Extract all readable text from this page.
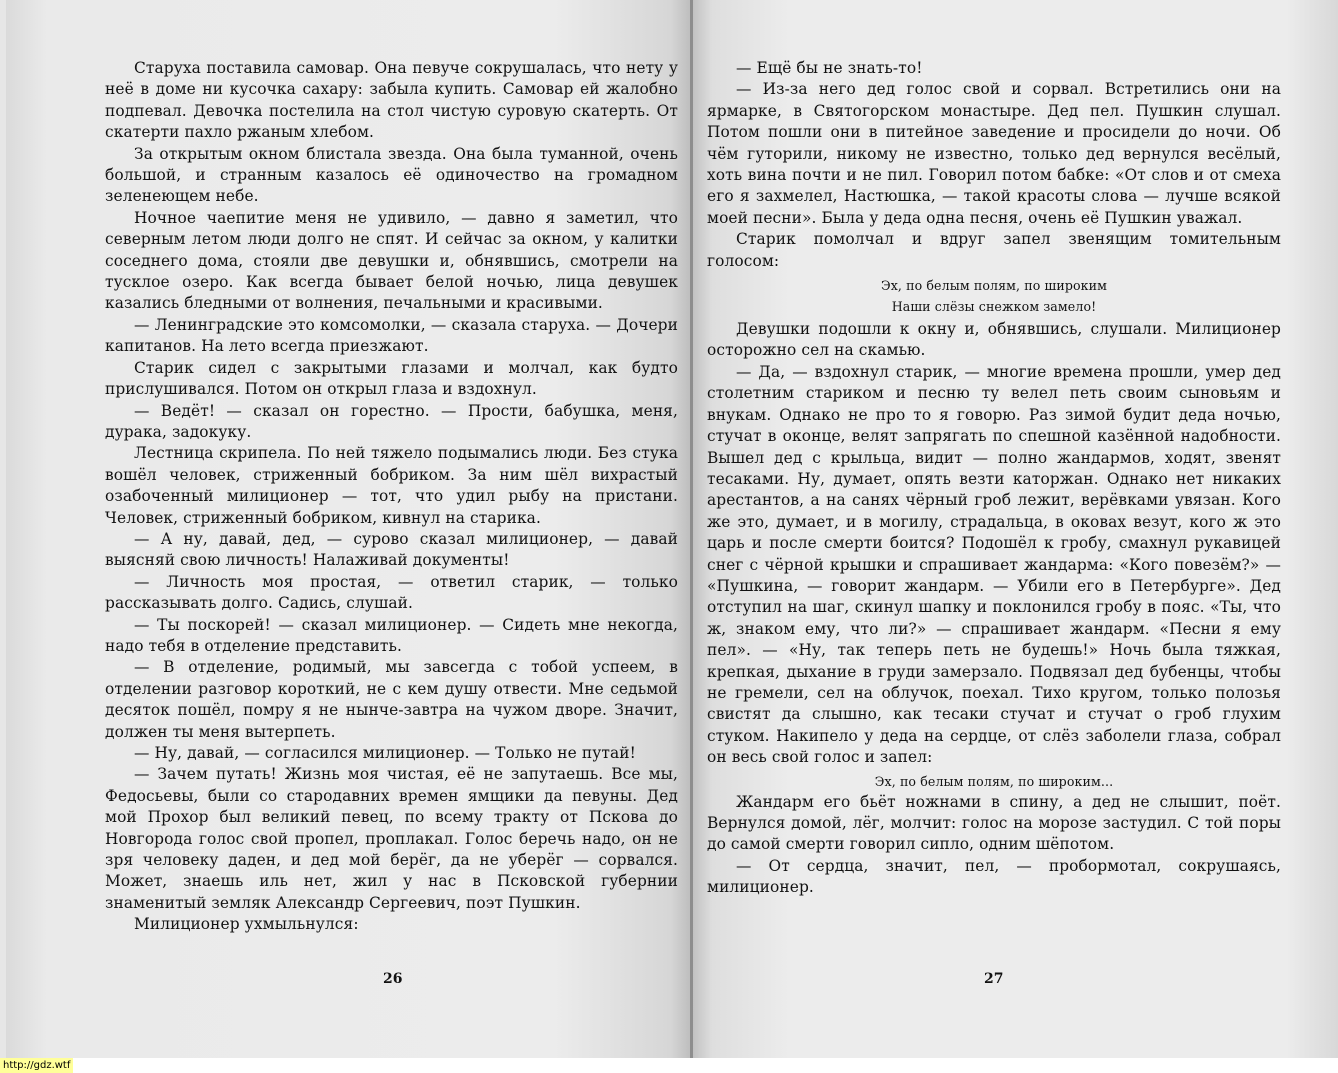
Старуха поставила самовар. Она певуче сокрушалась, что нету у неё в доме ни кусочка сахару: забыла купить. Самовар ей жалобно подпевал. Девочка постелила на стол чистую суровую скатерть. От скатерти пахло ржаным хлебом.

За открытым окном блистала звезда. Она была туманной, очень большой, и странным казалось её одиночество на громадном зеленеющем небе.

Ночное чаепитие меня не удивило, — давно я заметил, что северным летом люди долго не спят. И сейчас за окном, у калитки соседнего дома, стояли две девушки и, обнявшись, смотрели на тусклое озеро. Как всегда бывает белой ночью, лица девушек казались бледными от волнения, печальными и красивыми.

— Ленинградские это комсомолки, — сказала старуха. — Дочери капитанов. На лето всегда приезжают.

Старик сидел с закрытыми глазами и молчал, как будто прислушивался. Потом он открыл глаза и вздохнул.

— Ведёт! — сказал он горестно. — Прости, бабушка, меня, дурака, задокуку.

Лестница скрипела. По ней тяжело подымались люди. Без стука вошёл человек, стриженный бобриком. За ним шёл вихрастый озабоченный милиционер — тот, что удил рыбу на пристани. Человек, стриженный бобриком, кивнул на старика.

— А ну, давай, дед, — сурово сказал милиционер, — давай выясняй свою личность! Налаживай документы!

— Личность моя простая, — ответил старик, — только рассказывать долго. Садись, слушай.

— Ты поскорей! — сказал милиционер. — Сидеть мне некогда, надо тебя в отделение представить.

— В отделение, родимый, мы завсегда с тобой успеем, в отделении разговор короткий, не с кем душу отвести. Мне седьмой десяток пошёл, помру я не нынче-завтра на чужом дворе. Значит, должен ты меня вытерпеть.

— Ну, давай, — согласился милиционер. — Только не путай!

— Зачем путать! Жизнь моя чистая, её не запутаешь. Все мы, Федосьевы, были со стародавних времен ямщики да певуны. Дед мой Прохор был великий певец, по всему тракту от Пскова до Новгорода голос свой пропел, проплакал. Голос беречь надо, он не зря человеку даден, и дед мой берёг, да не уберёг — сорвался. Может, знаешь иль нет, жил у нас в Псковской губернии знаменитый земляк Александр Сергеевич, поэт Пушкин.

Милиционер ухмыльнулся:

26

— Ещё бы не знать-то!

— Из-за него дед голос свой и сорвал. Встретились они на ярмарке, в Святогорском монастыре. Дед пел. Пушкин слушал. Потом пошли они в питейное заведение и просидели до ночи. Об чём гуторили, никому не известно, только дед вернулся весёлый, хоть вина почти и не пил. Говорил потом бабке: «От слов и от смеха его я захмелел, Настюшка, — такой красоты слова — лучше всякой моей песни». Была у деда одна песня, очень её Пушкин уважал.

Старик помолчал и вдруг запел звенящим томительным голосом:

Эх, по белым полям, по широким
Наши слёзы снежком замело!

Девушки подошли к окну и, обнявшись, слушали. Милиционер осторожно сел на скамью.

— Да, — вздохнул старик, — многие времена прошли, умер дед столетним стариком и песню ту велел петь своим сыновьям и внукам. Однако не про то я говорю. Раз зимой будит деда ночью, стучат в оконце, велят запрягать по спешной казённой надобности. Вышел дед с крыльца, видит — полно жандармов, ходят, звенят тесаками. Ну, думает, опять везти каторжан. Однако нет никаких арестантов, а на санях чёрный гроб лежит, верёвками увязан. Кого же это, думает, и в могилу, страдальца, в оковах везут, кого ж это царь и после смерти боится? Подошёл к гробу, смахнул рукавицей снег с чёрной крышки и спрашивает жандарма: «Кого повезём?» — «Пушкина, — говорит жандарм. — Убили его в Петербурге». Дед отступил на шаг, скинул шапку и поклонился гробу в пояс. «Ты, что ж, знаком ему, что ли?» — спрашивает жандарм. «Песни я ему пел». — «Ну, так теперь петь не будешь!» Ночь была тяжкая, крепкая, дыхание в груди замерзало. Подвязал дед бубенцы, чтобы не гремели, сел на облучок, поехал. Тихо кругом, только полозья свистят да слышно, как тесаки стучат и стучат о гроб глухим стуком. Накипело у деда на сердце, от слёз заболели глаза, собрал он весь свой голос и запел:

Эх, по белым полям, по широким...

Жандарм его бьёт ножнами в спину, а дед не слышит, поёт. Вернулся домой, лёг, молчит: голос на морозе застудил. С той поры до самой смерти говорил сипло, одним шёпотом.

— От сердца, значит, пел, — пробормотал, сокрушаясь, милиционер.

27
http://gdz.wtf
